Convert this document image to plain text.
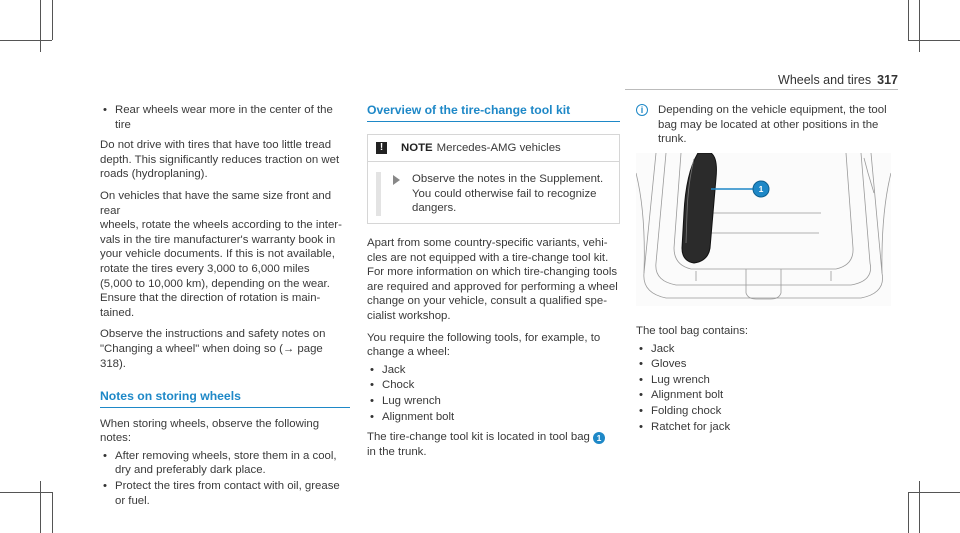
Wheels and tires 317
• Rear wheels wear more in the center of the
tire

Do not drive with tires that have too little tread
depth. This significantly reduces traction on wet
roads (hydroplaning).

On vehicles that have the same size front and rear
wheels, rotate the wheels according to the inter-
vals in the tire manufacturer's warranty book in
your vehicle documents. If this is not available,
rotate the tires every 3,000 to 6,000 miles
(5,000 to 10,000 km), depending on the wear.
Ensure that the direction of rotation is main-
tained.

Observe the instructions and safety notes on
"Changing a wheel" when doing so (→ page 318).

Notes on storing wheels

When storing wheels, observe the following notes:

• After removing wheels, store them in a cool,
dry and preferably dark place.
• Protect the tires from contact with oil, grease
or fuel.
Overview of the tire-change tool kit
!	NOTE Mercedes-AMG vehicles
Observe the notes in the Supplement.
You could otherwise fail to recognize
dangers.

Apart from some country-specific variants, vehi-
cles are not equipped with a tire-change tool kit.
For more information on which tire-changing tools
are required and approved for performing a wheel
change on your vehicle, consult a qualified spe-
cialist workshop.

You require the following tools, for example, to
change a wheel:

• Jack
• Chock
• Lug wrench
• Alignment bolt

The tire-change tool kit is located in tool bag 1
in the trunk.

i	Depending on the vehicle equipment, the tool
bag may be located at other positions in the
trunk.
1

The tool bag contains:

• Jack
• Gloves
• Lug wrench
• Alignment bolt
• Folding chock
• Ratchet for jack
